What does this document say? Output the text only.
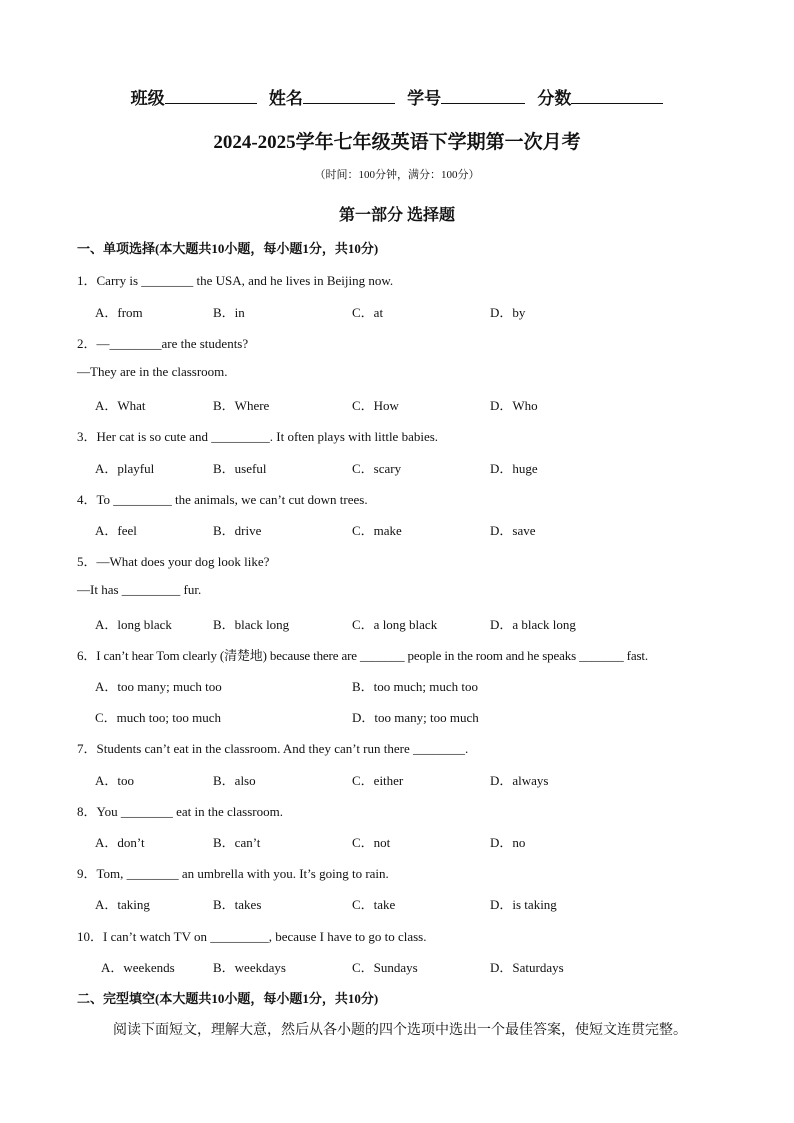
班级	姓名	学号	分数
2024-2025学年七年级英语下学期第一次月考
（时间：100分钟，满分：100分）
第一部分 选择题
一、单项选择(本大题共10小题，每小题1分，共10分)
1．Carry is ________ the USA, and he lives in Beijing now.
A．from	B．in	C．at	D．by
2．—________are the students?
—They are in the classroom.
A．What	B．Where	C．How	D．Who
3．Her cat is so cute and _________. It often plays with little babies.
A．playful	B．useful	C．scary	D．huge
4．To _________ the animals, we can’t cut down trees.
A．feel	B．drive	C．make	D．save
5．—What does your dog look like?
—It has _________ fur.
A．long black	B．black long	C．a long black	D．a black long
6．I can’t hear Tom clearly (清楚地) because there are _______ people in the room and he speaks _______ fast.
A．too many; much too	B．too much; much too
C．much too; too much	D．too many; too much
7．Students can’t eat in the classroom. And they can’t run there ________.
A．too	B．also	C．either	D．always
8．You ________ eat in the classroom.
A．don’t	B．can’t	C．not	D．no
9．Tom, ________ an umbrella with you. It’s going to rain.
A．taking	B．takes	C．take	D．is taking
10．I can’t watch TV on _________, because I have to go to class.
A．weekends	B．weekdays	C．Sundays	D．Saturdays
二、完型填空(本大题共10小题，每小题1分，共10分)
阅读下面短文，理解大意，然后从各小题的四个选项中选出一个最佳答案，使短文连贯完整。
